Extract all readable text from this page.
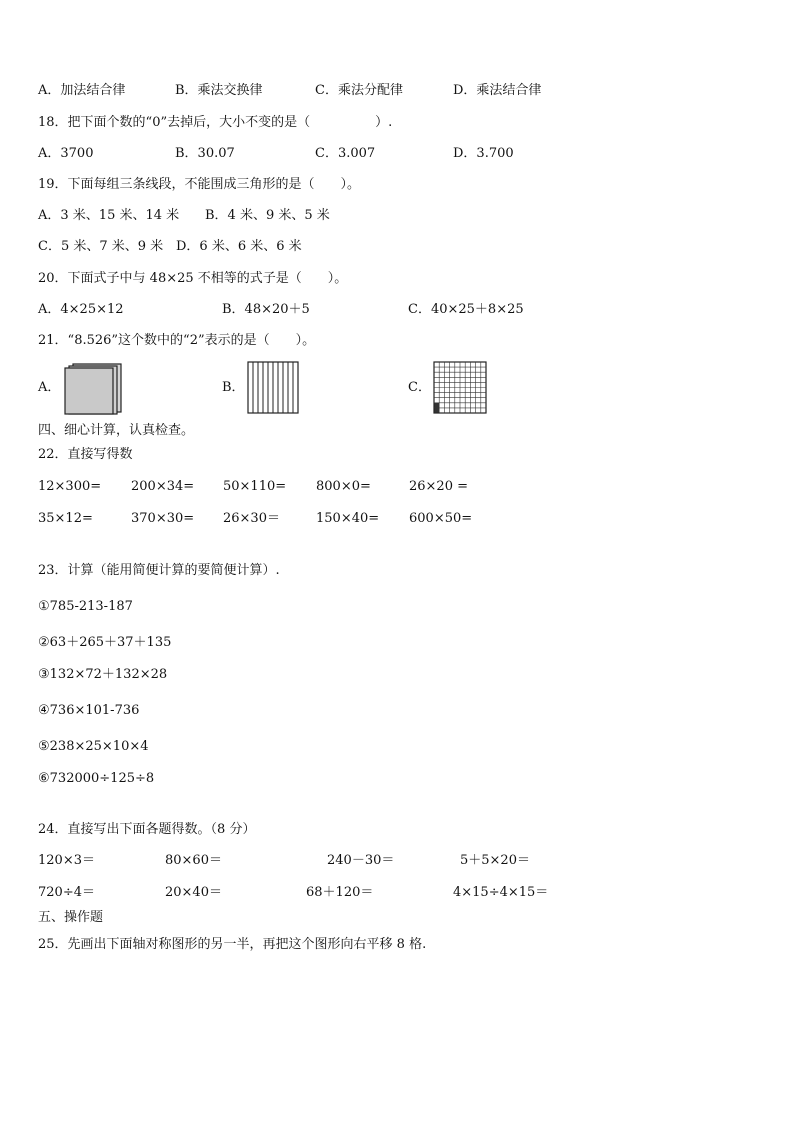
A．加法结合律	B．乘法交换律	C．乘法分配律	D．乘法结合律
18．把下面个数的“0”去掉后，大小不变的是（　　　　　）.
A．3700	B．30.07	C．3.007	D．3.700
19．下面每组三条线段，不能围成三角形的是（　　）。
A．3 米、15 米、14 米 B．4 米、9 米、5 米
C．5 米、7 米、9 米 D．6 米、6 米、6 米
20．下面式子中与 48×25 不相等的式子是（　　）。
A．4×25×12	B．48×20＋5	C．40×25＋8×25
21．“8.526”这个数中的“2”表示的是（　　）。
A．	B．	C．
四、细心计算，认真检查。
22．直接写得数
12×300= 200×34= 50×110= 800×0=	26×20 =
35×12=	370×30= 26×30＝	150×40= 600×50=
23．计算（能用简便计算的要简便计算）.
①785-213-187
②63＋265＋37＋135
③132×72＋132×28
④736×101-736
⑤238×25×10×4
⑥732000÷125÷8
24．直接写出下面各题得数。（8 分）
120×3＝	80×60＝	240－30＝	5＋5×20＝
720÷4＝	20×40＝	68＋120＝	4×15÷4×15＝
五、操作题
25．先画出下面轴对称图形的另一半，再把这个图形向右平移 8 格.
